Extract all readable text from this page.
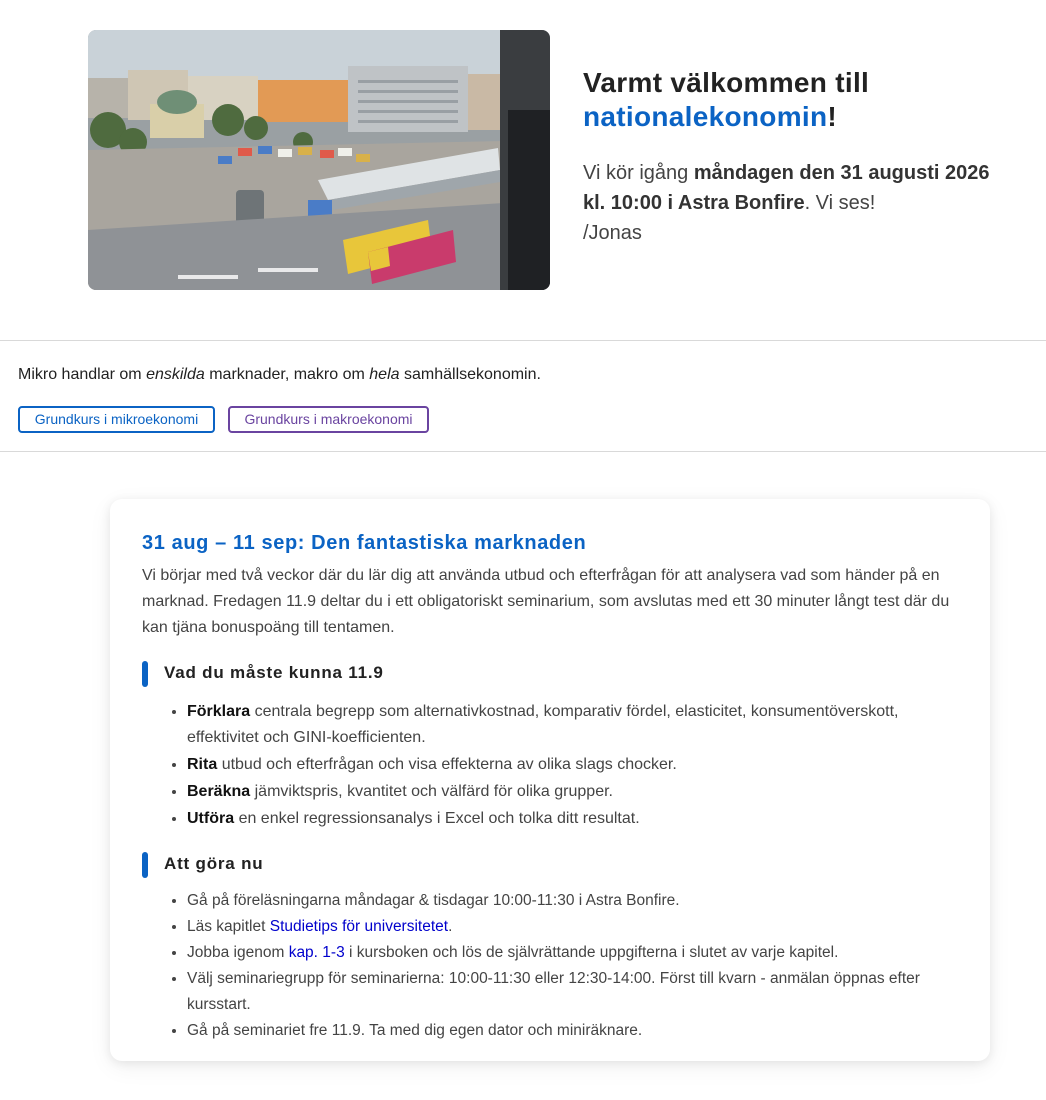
Varmt välkommen till
nationalekonomin!

Vi kör igång måndagen den 31 augusti 2026 kl. 10:00 i Astra Bonfire. Vi ses!
/Jonas

Mikro handlar om enskilda marknader, makro om hela samhällsekonomin.

Grundkurs i mikroekonomi	Grundkurs i makroekonomi
31 aug – 11 sep: Den fantastiska marknaden

Vi börjar med två veckor där du lär dig att använda utbud och efterfrågan för att analysera vad som händer på en marknad. Fredagen 11.9 deltar du i ett obligatoriskt seminarium, som avslutas med ett 30 minuter långt test där du kan tjäna bonuspoäng till tentamen.

Vad du måste kunna 11.9
• Förklara centrala begrepp som alternativkostnad, komparativ fördel, elasticitet, konsumentöverskott, effektivitet och GINI-koefficienten.
• Rita utbud och efterfrågan och visa effekterna av olika slags chocker.
• Beräkna jämviktspris, kvantitet och välfärd för olika grupper.
• Utföra en enkel regressionsanalys i Excel och tolka ditt resultat.
Att göra nu
• Gå på föreläsningarna måndagar & tisdagar 10:00-11:30 i Astra Bonfire.
• Läs kapitlet Studietips för universitetet.
• Jobba igenom kap. 1-3 i kursboken och lös de självrättande uppgifterna i slutet av varje kapitel.
• Välj seminariegrupp för seminarierna: 10:00-11:30 eller 12:30-14:00. Först till kvarn - anmälan öppnas efter kursstart.
• Gå på seminariet fre 11.9. Ta med dig egen dator och miniräknare.
